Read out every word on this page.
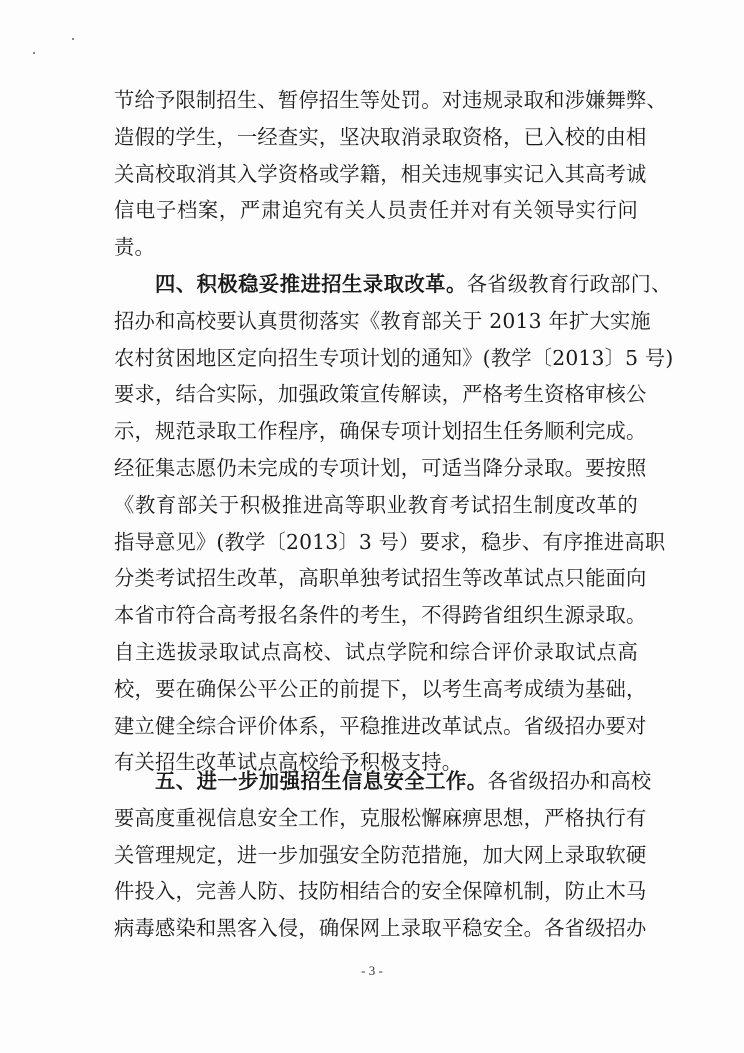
节给予限制招生、暂停招生等处罚。对违规录取和涉嫌舞弊、
造假的学生，一经查实，坚决取消录取资格，已入校的由相
关高校取消其入学资格或学籍，相关违规事实记入其高考诚
信电子档案，严肃追究有关人员责任并对有关领导实行问
责。
四、积极稳妥推进招生录取改革。各省级教育行政部门、
招办和高校要认真贯彻落实《教育部关于 2013 年扩大实施
农村贫困地区定向招生专项计划的通知》(教学〔2013〕5 号)
要求，结合实际，加强政策宣传解读，严格考生资格审核公
示，规范录取工作程序，确保专项计划招生任务顺利完成。
经征集志愿仍未完成的专项计划，可适当降分录取。要按照
《教育部关于积极推进高等职业教育考试招生制度改革的
指导意见》(教学〔2013〕3 号）要求，稳步、有序推进高职
分类考试招生改革，高职单独考试招生等改革试点只能面向
本省市符合高考报名条件的考生，不得跨省组织生源录取。
自主选拔录取试点高校、试点学院和综合评价录取试点高
校，要在确保公平公正的前提下，以考生高考成绩为基础，
建立健全综合评价体系，平稳推进改革试点。省级招办要对
有关招生改革试点高校给予积极支持。
五、进一步加强招生信息安全工作。各省级招办和高校
要高度重视信息安全工作，克服松懈麻痹思想，严格执行有
关管理规定，进一步加强安全防范措施，加大网上录取软硬
件投入，完善人防、技防相结合的安全保障机制，防止木马
病毒感染和黑客入侵，确保网上录取平稳安全。各省级招办
- 3 -
